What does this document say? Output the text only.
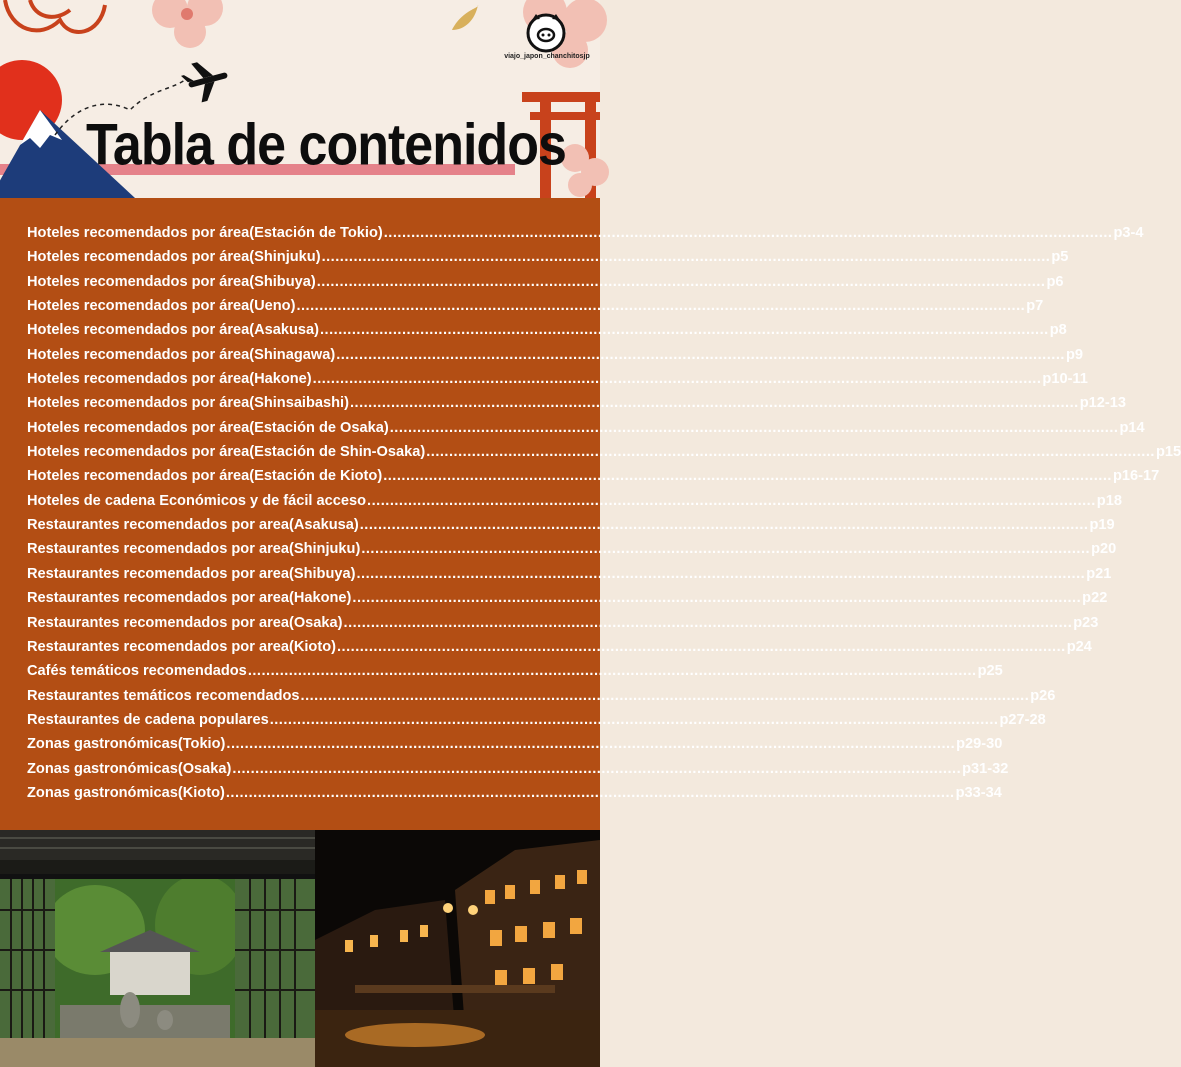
Tabla de contenidos
viajo_japon_chanchitosjp
Hoteles recomendados por área(Estación de Tokio) ................................................................................................................................................................ p3-4
Hoteles recomendados por área(Shinjuku) ................................................................................................................................................................ p5
Hoteles recomendados por área(Shibuya) ................................................................................................................................................................ p6
Hoteles recomendados por área(Ueno) ................................................................................................................................................................ p7
Hoteles recomendados por área(Asakusa) ................................................................................................................................................................ p8
Hoteles recomendados por área(Shinagawa) ................................................................................................................................................................ p9
Hoteles recomendados por área(Hakone) ................................................................................................................................................................ p10-11
Hoteles recomendados por área(Shinsaibashi) ................................................................................................................................................................ p12-13
Hoteles recomendados por área(Estación de Osaka) ................................................................................................................................................................ p14
Hoteles recomendados por área(Estación de Shin-Osaka) ................................................................................................................................................................ p15
Hoteles recomendados por área(Estación de Kioto) ................................................................................................................................................................ p16-17
Hoteles de cadena Económicos y de fácil acceso ................................................................................................................................................................ p18
Restaurantes recomendados por area(Asakusa) ................................................................................................................................................................ p19
Restaurantes recomendados por area(Shinjuku) ................................................................................................................................................................ p20
Restaurantes recomendados por area(Shibuya) ................................................................................................................................................................ p21
Restaurantes recomendados por area(Hakone) ................................................................................................................................................................ p22
Restaurantes recomendados por area(Osaka) ................................................................................................................................................................ p23
Restaurantes recomendados por area(Kioto) ................................................................................................................................................................ p24
Cafés temáticos recomendados ................................................................................................................................................................ p25
Restaurantes temáticos recomendados ................................................................................................................................................................ p26
Restaurantes de cadena populares ................................................................................................................................................................ p27-28
Zonas gastronómicas(Tokio) ................................................................................................................................................................ p29-30
Zonas gastronómicas(Osaka) ................................................................................................................................................................ p31-32
Zonas gastronómicas(Kioto) ................................................................................................................................................................ p33-34
